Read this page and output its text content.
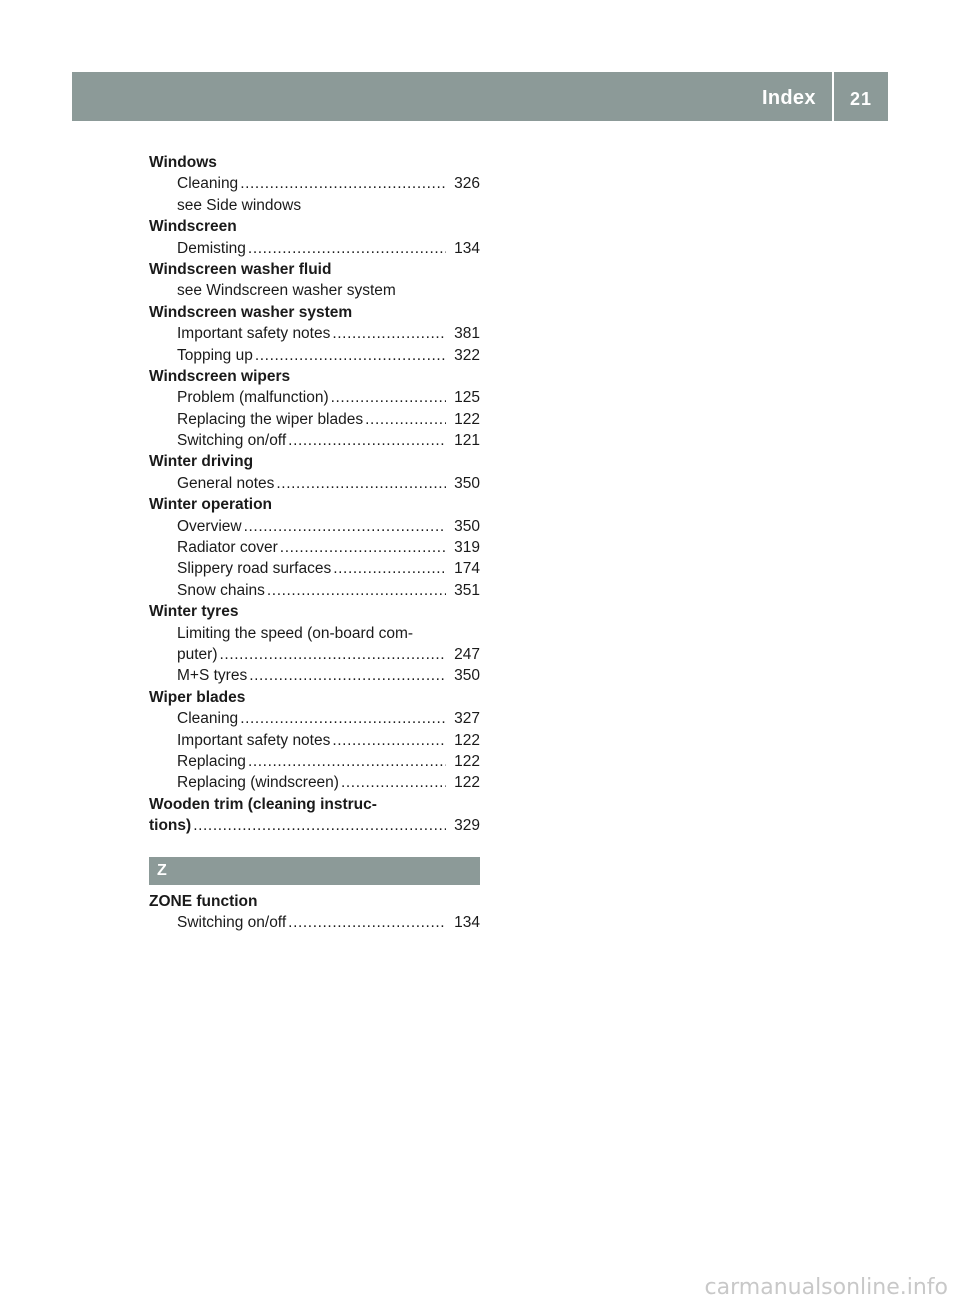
Index 21
Windows
Cleaning .....	326
see Side windows
Windscreen
Demisting .....	134
Windscreen washer fluid
see Windscreen washer system
Windscreen washer system
Important safety notes .....	381
Topping up .....	322
Windscreen wipers
Problem (malfunction) .....	125
Replacing the wiper blades .....	122
Switching on/off .....	121
Winter driving
General notes .....	350
Winter operation
Overview .....	350
Radiator cover .....	319
Slippery road surfaces .....	174
Snow chains .....	351
Winter tyres
Limiting the speed (on-board com-
puter) .....	247
M+S tyres .....	350
Wiper blades
Cleaning .....	327
Important safety notes .....	122
Replacing .....	122
Replacing (windscreen) .....	122
Wooden trim (cleaning instruc-
tions) .....	329
Z
ZONE function
Switching on/off .....	134
carmanualsonline.info
